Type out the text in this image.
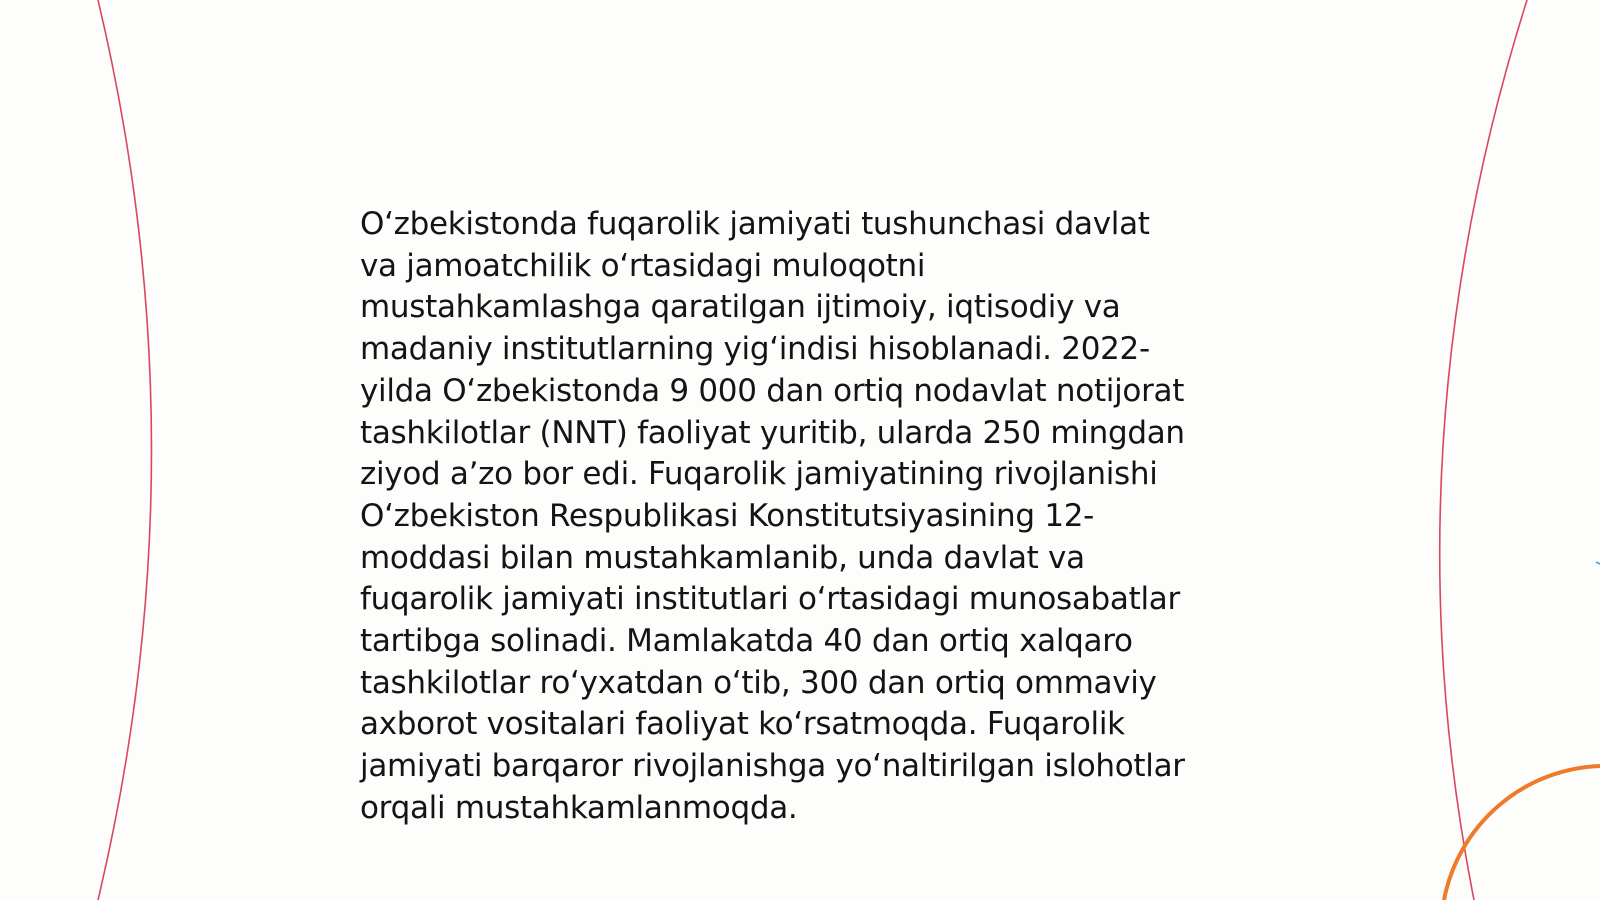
O‘zbekistonda fuqarolik jamiyati tushunchasi davlat
va jamoatchilik o‘rtasidagi muloqotni
mustahkamlashga qaratilgan ijtimoiy, iqtisodiy va
madaniy institutlarning yig‘indisi hisoblanadi. 2022-
yilda O‘zbekistonda 9 000 dan ortiq nodavlat notijorat
tashkilotlar (NNT) faoliyat yuritib, ularda 250 mingdan
ziyod a’zo bor edi. Fuqarolik jamiyatining rivojlanishi
O‘zbekiston Respublikasi Konstitutsiyasining 12-
moddasi bilan mustahkamlanib, unda davlat va
fuqarolik jamiyati institutlari o‘rtasidagi munosabatlar
tartibga solinadi. Mamlakatda 40 dan ortiq xalqaro
tashkilotlar ro‘yxatdan o‘tib, 300 dan ortiq ommaviy
axborot vositalari faoliyat ko‘rsatmoqda. Fuqarolik
jamiyati barqaror rivojlanishga yo‘naltirilgan islohotlar
orqali mustahkamlanmoqda.
